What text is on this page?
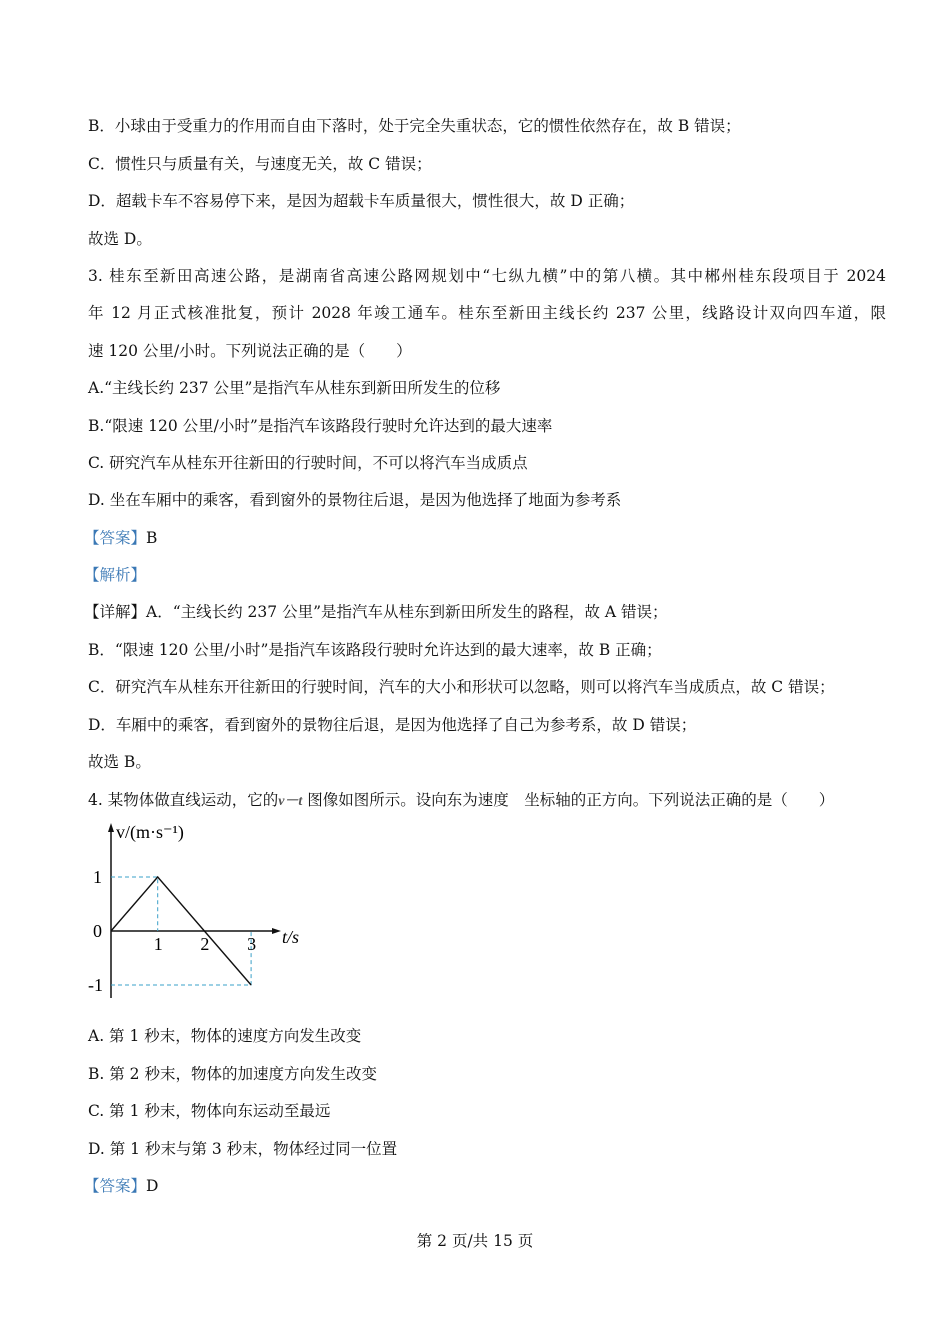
B．小球由于受重力的作用而自由下落时，处于完全失重状态，它的惯性依然存在，故 B 错误；
C．惯性只与质量有关，与速度无关，故 C 错误；
D．超载卡车不容易停下来，是因为超载卡车质量很大，惯性很大，故 D 正确；
故选 D。
3. 桂东至新田高速公路，是湖南省高速公路网规划中“七纵九横”中的第八横。其中郴州桂东段项目于 2024
年 12 月正式核准批复，预计 2028 年竣工通车。桂东至新田主线长约 237 公里，线路设计双向四车道，限
速 120 公里/小时。下列说法正确的是（　　）
A.“主线长约 237 公里”是指汽车从桂东到新田所发生的位移
B.“限速 120 公里/小时”是指汽车该路段行驶时允许达到的最大速率
C. 研究汽车从桂东开往新田的行驶时间，不可以将汽车当成质点
D. 坐在车厢中的乘客，看到窗外的景物往后退，是因为他选择了地面为参考系
【答案】B
【解析】
【详解】A．“主线长约 237 公里”是指汽车从桂东到新田所发生的路程，故 A 错误；
B．“限速 120 公里/小时”是指汽车该路段行驶时允许达到的最大速率，故 B 正确；
C．研究汽车从桂东开往新田的行驶时间，汽车的大小和形状可以忽略，则可以将汽车当成质点，故 C 错误；
D．车厢中的乘客，看到窗外的景物往后退，是因为他选择了自己为参考系，故 D 错误；
故选 B。
4. 某物体做直线运动，它的v－t 图像如图所示。设向东为速度　坐标轴的正方向。下列说法正确的是（　　）
1 2 3
1
0
-1
t/s
v/(m·s⁻¹)
A. 第 1 秒末，物体的速度方向发生改变
B. 第 2 秒末，物体的加速度方向发生改变
C. 第 1 秒末，物体向东运动至最远
D. 第 1 秒末与第 3 秒末，物体经过同一位置
【答案】D
第 2 页/共 15 页
